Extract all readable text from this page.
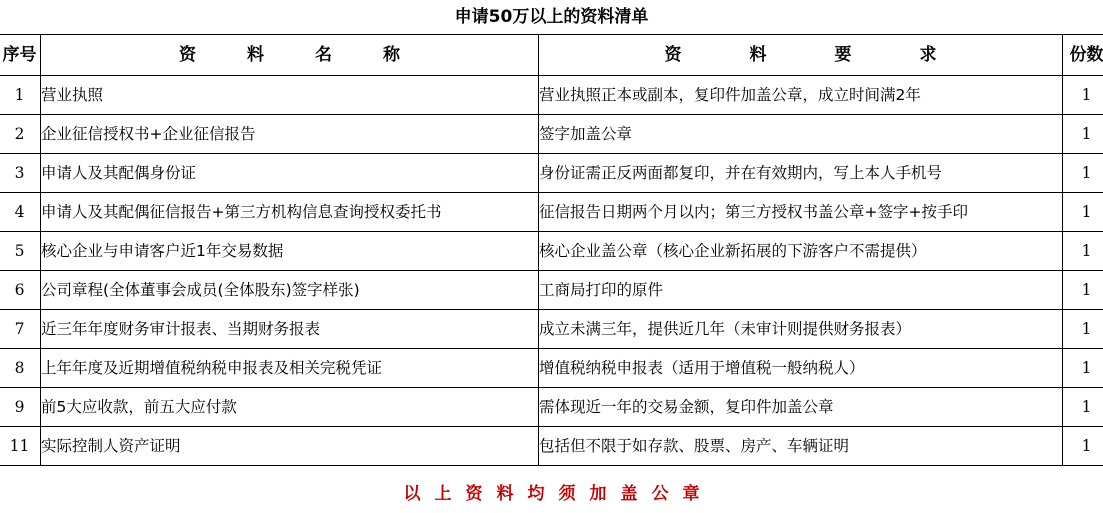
申请50万以上的资料清单
序号	资　　　料　　　名　　　称	资　　　　料　　　　要　　　　求	份数
1	营业执照	营业执照正本或副本，复印件加盖公章，成立时间满2年	1
2	企业征信授权书+企业征信报告	签字加盖公章	1
3	申请人及其配偶身份证	身份证需正反两面都复印，并在有效期内，写上本人手机号	1
4	申请人及其配偶征信报告+第三方机构信息查询授权委托书	征信报告日期两个月以内；第三方授权书盖公章+签字+按手印	1
5	核心企业与申请客户近1年交易数据	核心企业盖公章（核心企业新拓展的下游客户不需提供）	1
6	公司章程(全体董事会成员(全体股东)签字样张)	工商局打印的原件	1
7	近三年年度财务审计报表、当期财务报表	成立未满三年，提供近几年（未审计则提供财务报表）	1
8	上年年度及近期增值税纳税申报表及相关完税凭证	增值税纳税申报表（适用于增值税一般纳税人）	1
9	前5大应收款，前五大应付款	需体现近一年的交易金额，复印件加盖公章	1
11	实际控制人资产证明	包括但不限于如存款、股票、房产、车辆证明	1
以上资料均须加盖公章
